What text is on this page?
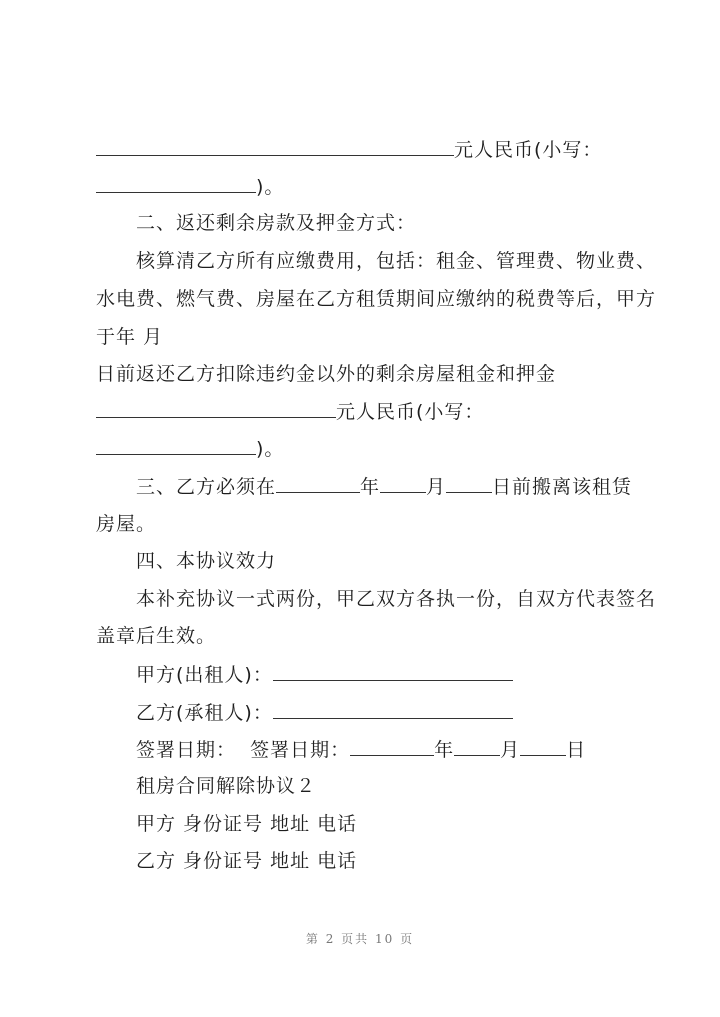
元人民币(小写：
)。
二、返还剩余房款及押金方式：
核算清乙方所有应缴费用，包括：租金、管理费、物业费、
水电费、燃气费、房屋在乙方租赁期间应缴纳的税费等后，甲方
于年 月
日前返还乙方扣除违约金以外的剩余房屋租金和押金
元人民币(小写：
)。
三、乙方必须在	年 月 日前搬离该租赁
房屋。
四、本协议效力
本补充协议一式两份，甲乙双方各执一份，自双方代表签名
盖章后生效。
甲方(出租人)：
乙方(承租人)：
签署日期：  签署日期：	年 月 日
租房合同解除协议２
甲方 身份证号 地址 电话
乙方 身份证号 地址 电话
第 2 页共 10 页
